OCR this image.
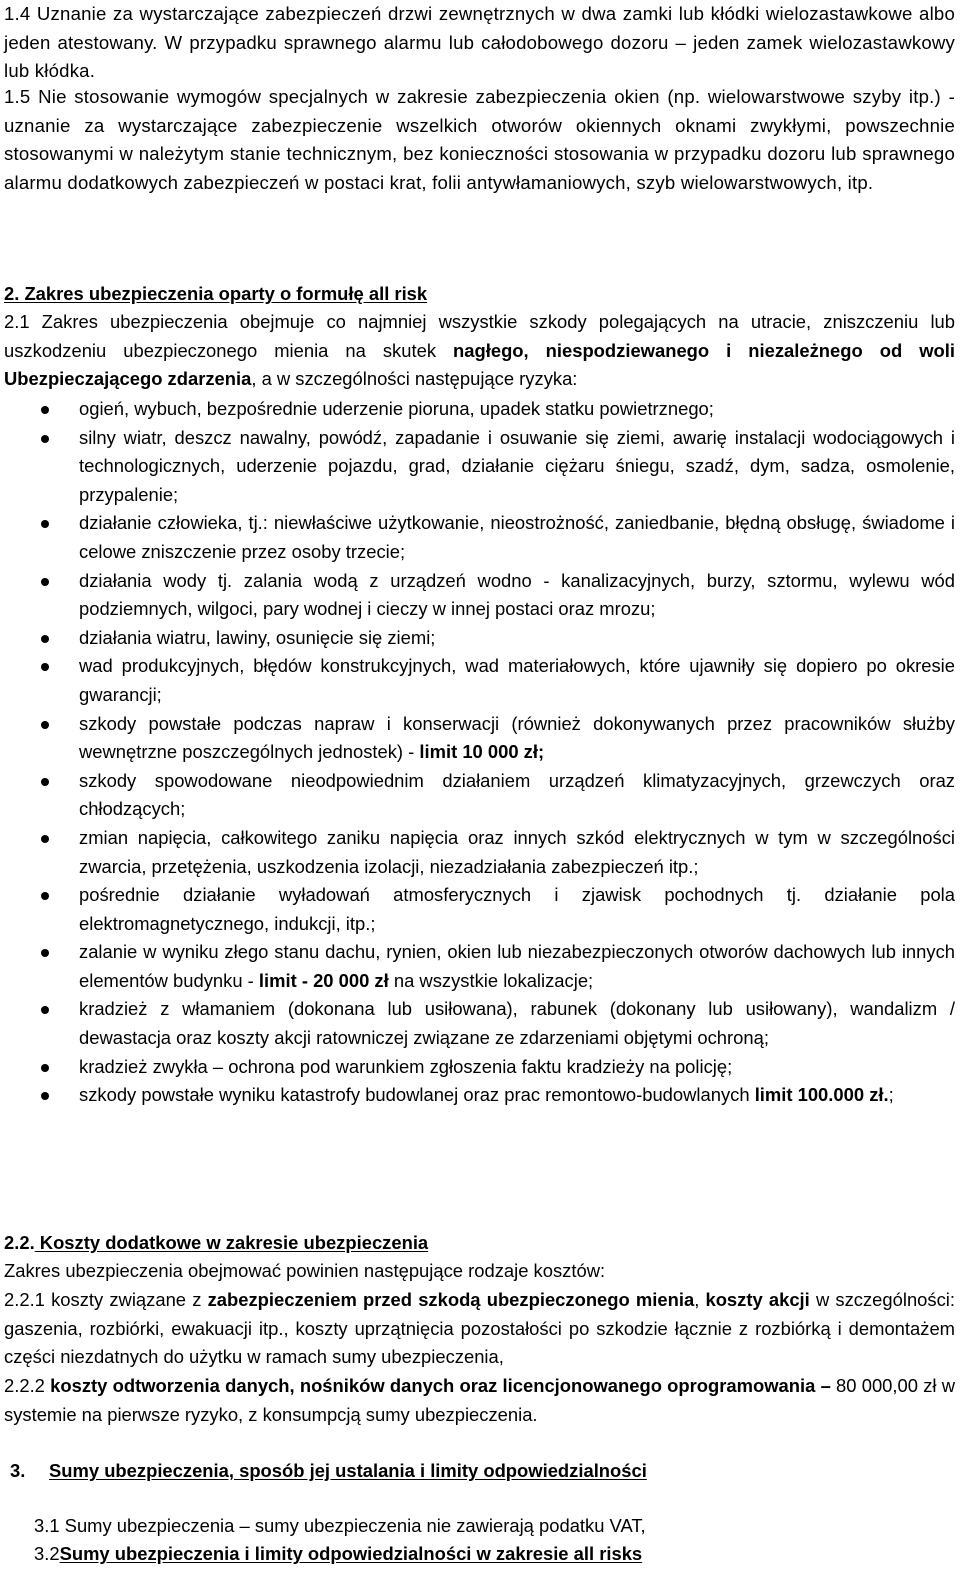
1.4 Uznanie za wystarczające zabezpieczeń drzwi zewnętrznych w dwa zamki lub kłódki wielozastawkowe albo jeden atestowany. W przypadku sprawnego alarmu lub całodobowego dozoru – jeden zamek wielozastawkowy lub kłódka.
1.5 Nie stosowanie wymogów specjalnych w zakresie zabezpieczenia okien (np. wielowarstwowe szyby itp.) - uznanie za wystarczające zabezpieczenie wszelkich otworów okiennych oknami zwykłymi, powszechnie stosowanymi w należytym stanie technicznym, bez konieczności stosowania w przypadku dozoru lub sprawnego alarmu dodatkowych zabezpieczeń w postaci krat, folii antywłamaniowych, szyb wielowarstwowych, itp.
2. Zakres ubezpieczenia oparty o formułę all risk
2.1 Zakres ubezpieczenia obejmuje co najmniej wszystkie szkody polegających na utracie, zniszczeniu lub uszkodzeniu ubezpieczonego mienia na skutek nagłego, niespodziewanego i niezależnego od woli Ubezpieczającego zdarzenia, a w szczególności następujące ryzyka:
ogień, wybuch, bezpośrednie uderzenie pioruna, upadek statku powietrznego;
silny wiatr, deszcz nawalny, powódź, zapadanie i osuwanie się ziemi, awarię instalacji wodociągowych i technologicznych, uderzenie pojazdu, grad, działanie ciężaru śniegu, szadź, dym, sadza, osmolenie, przypalenie;
działanie człowieka, tj.: niewłaściwe użytkowanie, nieostrożność, zaniedbanie, błędną obsługę, świadome i celowe zniszczenie przez osoby trzecie;
działania wody tj. zalania wodą z urządzeń wodno - kanalizacyjnych, burzy, sztormu, wylewu wód podziemnych, wilgoci, pary wodnej i cieczy w innej postaci oraz mrozu;
działania wiatru, lawiny, osunięcie się ziemi;
wad produkcyjnych, błędów konstrukcyjnych, wad materiałowych, które ujawniły się dopiero po okresie gwarancji;
szkody powstałe podczas napraw i konserwacji (również dokonywanych przez pracowników służby wewnętrzne poszczególnych jednostek) - limit 10 000 zł;
szkody spowodowane nieodpowiednim działaniem urządzeń klimatyzacyjnych, grzewczych oraz chłodzących;
zmian napięcia, całkowitego zaniku napięcia oraz innych szkód elektrycznych w tym w szczególności zwarcia, przetężenia, uszkodzenia izolacji, niezadziałania zabezpieczeń itp.;
pośrednie działanie wyładowań atmosferycznych i zjawisk pochodnych tj. działanie pola elektromagnetycznego, indukcji, itp.;
zalanie w wyniku złego stanu dachu, rynien, okien lub niezabezpieczonych otworów dachowych lub innych elementów budynku - limit - 20 000 zł na wszystkie lokalizacje;
kradzież z włamaniem (dokonana lub usiłowana), rabunek (dokonany lub usiłowany), wandalizm / dewastacja oraz koszty akcji ratowniczej związane ze zdarzeniami objętymi ochroną;
kradzież zwykła – ochrona pod warunkiem zgłoszenia faktu kradzieży na policję;
szkody powstałe wyniku katastrofy budowlanej oraz prac remontowo-budowlanych limit 100.000 zł.;
2.2. Koszty dodatkowe w zakresie ubezpieczenia
Zakres ubezpieczenia obejmować powinien następujące rodzaje kosztów:
2.2.1 koszty związane z zabezpieczeniem przed szkodą ubezpieczonego mienia, koszty akcji w szczególności: gaszenia, rozbiórki, ewakuacji itp., koszty uprzątnięcia pozostałości po szkodzie łącznie z rozbiórką i demontażem części niezdatnych do użytku w ramach sumy ubezpieczenia,
2.2.2 koszty odtworzenia danych, nośników danych oraz licencjonowanego oprogramowania – 80 000,00 zł w systemie na pierwsze ryzyko, z konsumpcją sumy ubezpieczenia.
3. Sumy ubezpieczenia, sposób jej ustalania i limity odpowiedzialności
3.1 Sumy ubezpieczenia – sumy ubezpieczenia nie zawierają podatku VAT,
3.2Sumy ubezpieczenia i limity odpowiedzialności w zakresie all risks
